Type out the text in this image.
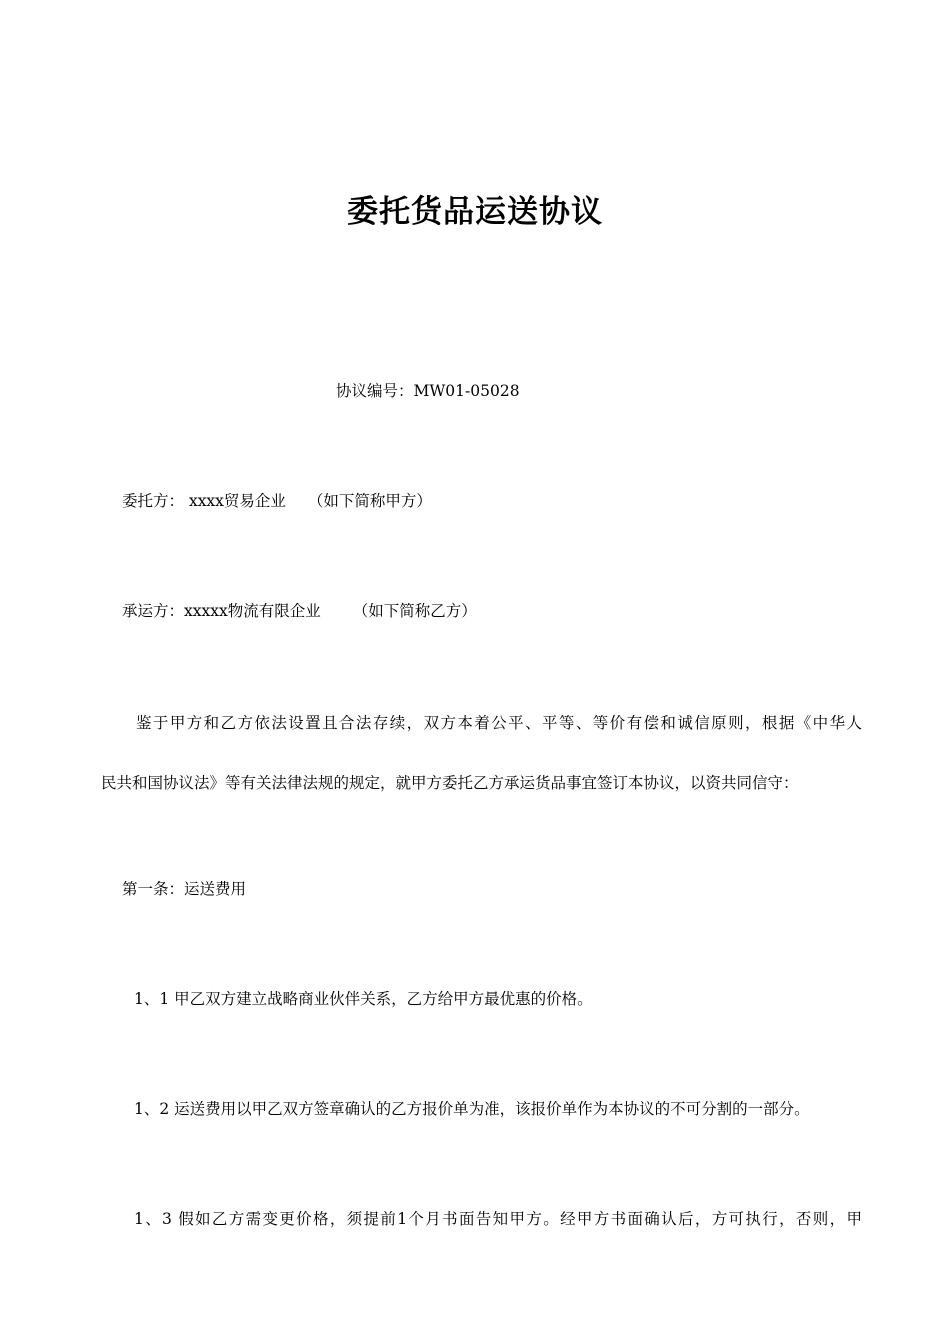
委托货品运送协议
协议编号：MW01-05028
委托方： xxxx贸易企业 （如下简称甲方）
承运方：xxxxx物流有限企业 （如下简称乙方）
鉴于甲方和乙方依法设置且合法存续，双方本着公平、平等、等价有偿和诚信原则，根据《中华人
民共和国协议法》等有关法律法规的规定，就甲方委托乙方承运货品事宜签订本协议，以资共同信守：
第一条：运送费用
1、1 甲乙双方建立战略商业伙伴关系，乙方给甲方最优惠的价格。
1、2 运送费用以甲乙双方签章确认的乙方报价单为准，该报价单作为本协议的不可分割的一部分。
1、3 假如乙方需变更价格，须提前1个月书面告知甲方。经甲方书面确认后，方可执行，否则，甲
